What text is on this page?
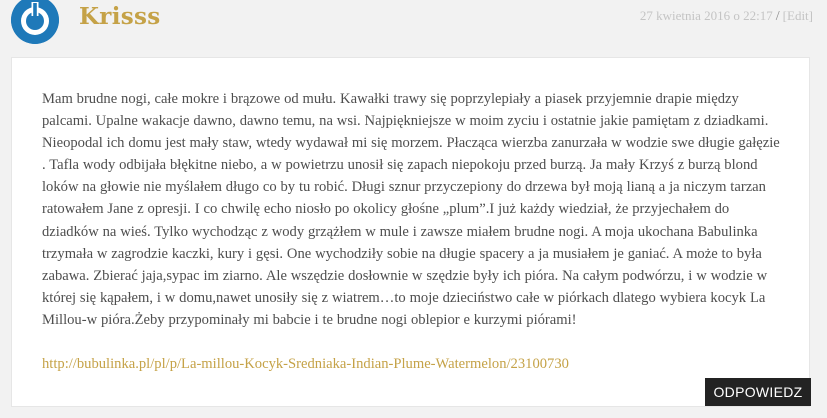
Krisss	27 kwietnia 2016 o 22:17 / [Edit]

Mam brudne nogi, całe mokre i brązowe od mułu. Kawałki trawy się poprzylepiały a piasek przyjemnie drapie między palcami. Upalne wakacje dawno, dawno temu, na wsi. Najpiękniejsze w moim zyciu i ostatnie jakie pamiętam z dziadkami. Nieopodal ich domu jest mały staw, wtedy wydawał mi się morzem. Płacząca wierzba zanurzała w wodzie swe długie gałęzie . Tafla wody odbijała błękitne niebo, a w powietrzu unosił się zapach niepokoju przed burzą. Ja mały Krzyś z burzą blond loków na głowie nie myślałem długo co by tu robić. Długi sznur przyczepiony do drzewa był moją lianą a ja niczym tarzan ratowałem Jane z opresji. I co chwilę echo niosło po okolicy głośne „plum”.I już każdy wiedział, że przyjechałem do dziadków na wieś. Tylko wychodząc z wody grzążłem w mule i zawsze miałem brudne nogi. A moja ukochana Babulinka trzymała w zagrodzie kaczki, kury i gęsi. One wychodziły sobie na długie spacery a ja musiałem je ganiać. A może to była zabawa. Zbierać jaja,sypac im ziarno. Ale wszędzie dosłownie w szędzie były ich pióra. Na całym podwórzu, i w wodzie w której się kąpałem, i w domu,nawet unosiły się z wiatrem…to moje dzieciństwo całe w piórkach dlatego wybiera kocyk La Millou-w pióra.Żeby przypominały mi babcie i te brudne nogi oblepior e kurzymi piórami!

http://bubulinka.pl/pl/p/La-millou-Kocyk-Sredniaka-Indian-Plume-Watermelon/23100730
ODPOWIEDZ
